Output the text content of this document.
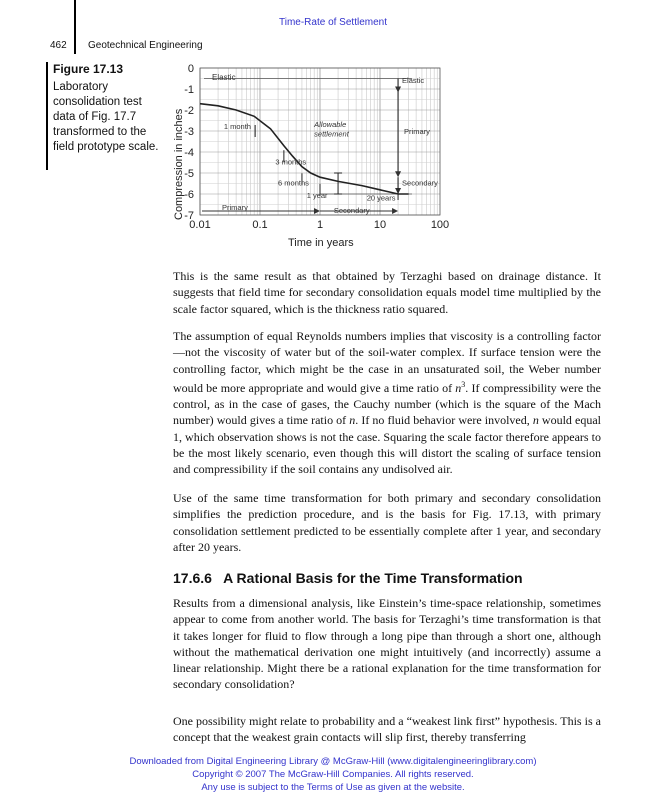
Time-Rate of Settlement
462 Geotechnical Engineering
Figure 17.13
Laboratory consolidation test data of Fig. 17.7 transformed to the field prototype scale.
0
-1
-2
-3
-4
-5
-6
-7
0.01	0.1	1	10	100
Compression in inches
Time in years
Elastic	Elastic
Primary
Secondary
1 month
3 months
6 months
1 year	20 years
Primary	Secondary
Allowable
settlement

This is the same result as that obtained by Terzaghi based on drainage distance. It suggests that field time for secondary consolidation equals model time multiplied by the scale factor squared, which is the thickness ratio squared.

The assumption of equal Reynolds numbers implies that viscosity is a controlling factor—not the viscosity of water but of the soil-water complex. If surface tension were the controlling factor, which might be the case in an unsaturated soil, the Weber number would be more appropriate and would give a time ratio of $n^3$. If compressibility were the control, as in the case of gases, the Cauchy number (which is the square of the Mach number) would gives a time ratio of n. If no fluid behavior were involved, n would equal 1, which observation shows is not the case. Squaring the scale factor therefore appears to be the most likely scenario, even though this will distort the scaling of surface tension and compressibility if the soil contains any undisolved air.

Use of the same time transformation for both primary and secondary consolidation simplifies the prediction procedure, and is the basis for Fig. 17.13, with primary consolidation settlement predicted to be essentially complete after 1 year, and secondary after 20 years.

17.6.6   A Rational Basis for the Time Transformation

Results from a dimensional analysis, like Einstein’s time-space relationship, sometimes appear to come from another world. The basis for Terzaghi’s time transformation is that it takes longer for fluid to flow through a long pipe than through a short one, although without the mathematical derivation one might intuitively (and incorrectly) assume a linear relationship. Might there be a rational explanation for the time transformation for secondary consolidation?

One possibility might relate to probability and a “weakest link first” hypothesis. This is a concept that the weakest grain contacts will slip first, thereby transferring

Downloaded from Digital Engineering Library @ McGraw-Hill (www.digitalengineeringlibrary.com)
Copyright © 2007 The McGraw-Hill Companies. All rights reserved.
Any use is subject to the Terms of Use as given at the website.
